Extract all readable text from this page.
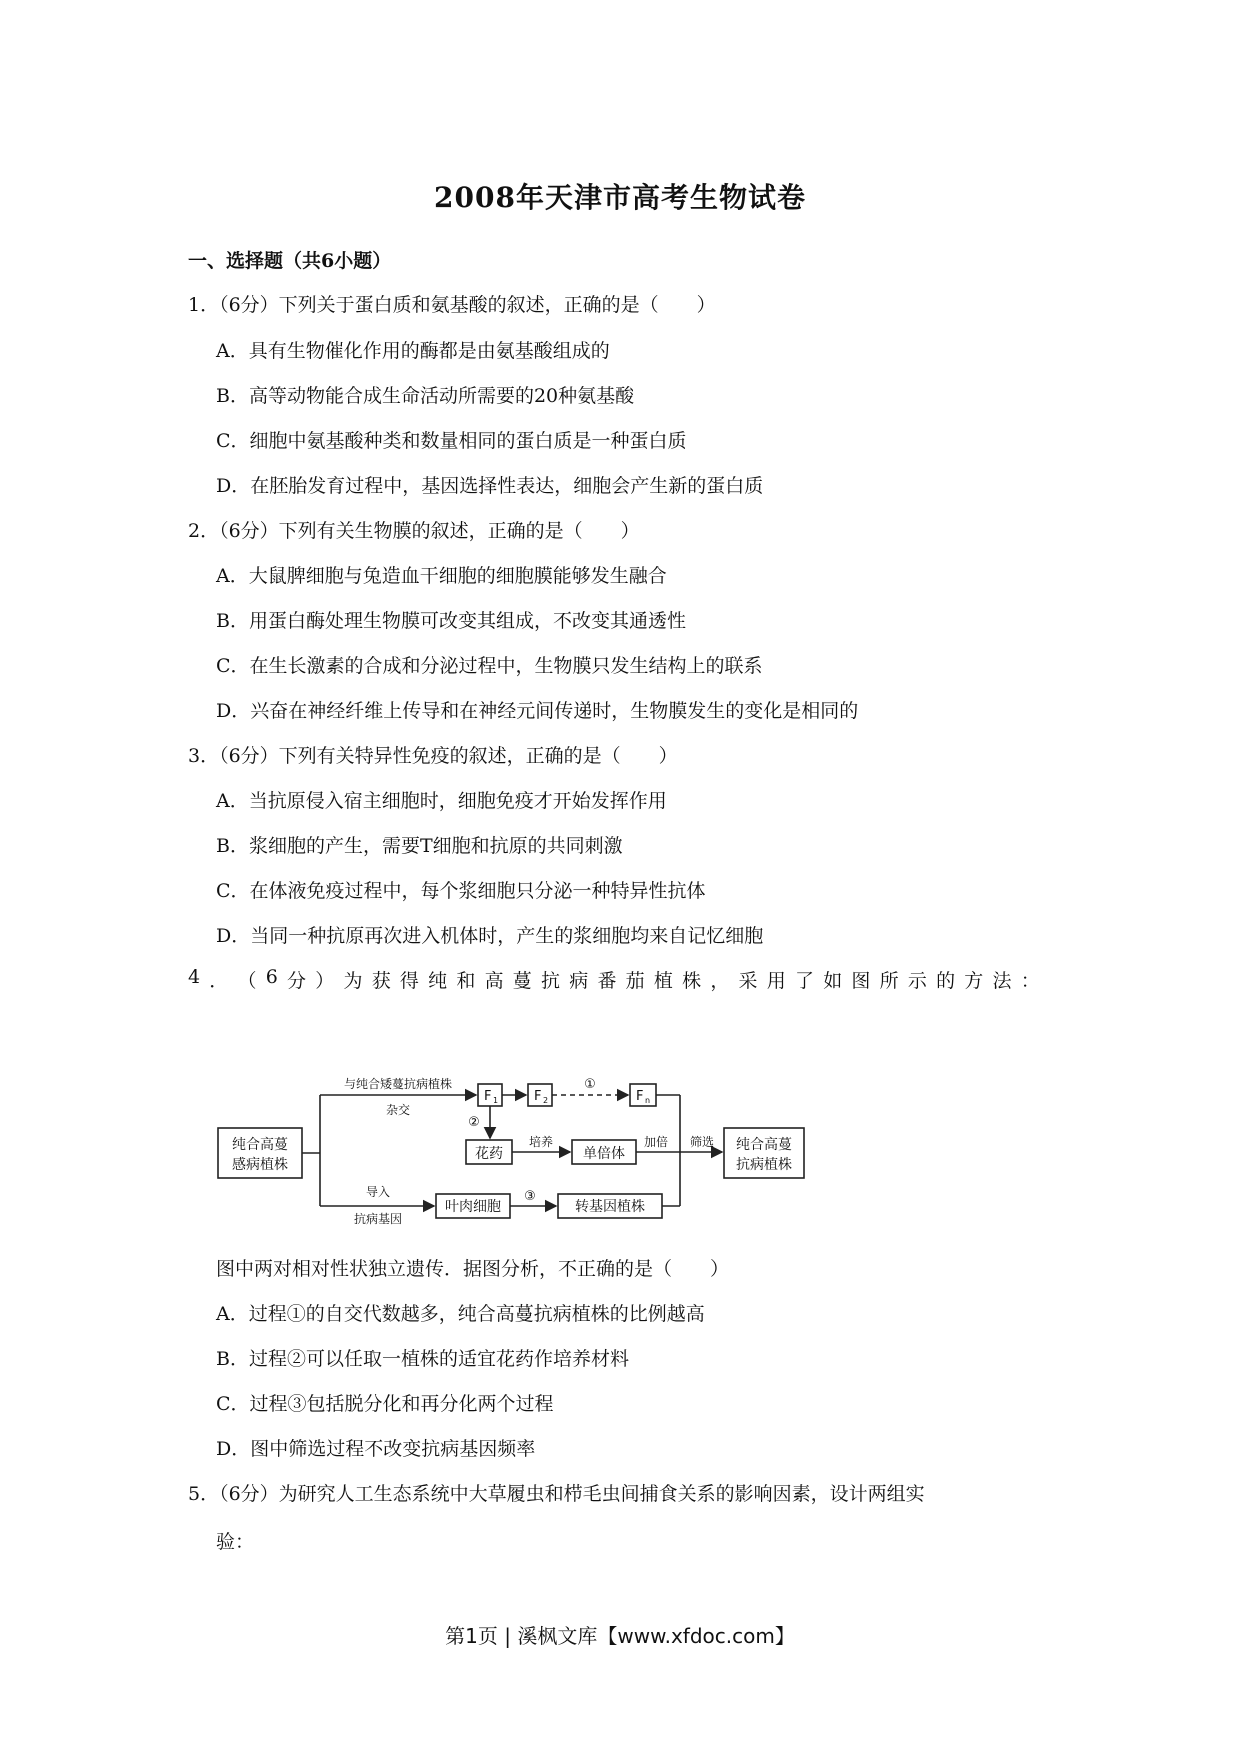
2008年天津市高考生物试卷
一、选择题（共6小题）
1．（6分）下列关于蛋白质和氨基酸的叙述，正确的是（　　）
A．具有生物催化作用的酶都是由氨基酸组成的
B．高等动物能合成生命活动所需要的20种氨基酸
C．细胞中氨基酸种类和数量相同的蛋白质是一种蛋白质
D．在胚胎发育过程中，基因选择性表达，细胞会产生新的蛋白质
2．（6分）下列有关生物膜的叙述，正确的是（　　）
A．大鼠脾细胞与兔造血干细胞的细胞膜能够发生融合
B．用蛋白酶处理生物膜可改变其组成，不改变其通透性
C．在生长激素的合成和分泌过程中，生物膜只发生结构上的联系
D．兴奋在神经纤维上传导和在神经元间传递时，生物膜发生的变化是相同的
3．（6分）下列有关特异性免疫的叙述，正确的是（　　）
A．当抗原侵入宿主细胞时，细胞免疫才开始发挥作用
B．浆细胞的产生，需要T细胞和抗原的共同刺激
C．在体液免疫过程中，每个浆细胞只分泌一种特异性抗体
D．当同一种抗原再次进入机体时，产生的浆细胞均来自记忆细胞
4 ． （ 6 分 ） 为 获 得 纯 和 高 蔓 抗 病 番 茄 植 株 ， 采 用 了 如 图 所 示 的 方 法 ：
纯合高蔓
感病植株
与纯合矮蔓抗病植株
杂交
F 1	F 2	F n
①
②
③
花药
培养
单倍体
加倍 筛选 纯合高蔓
抗病植株
导入
抗病基因
叶肉细胞	转基因植株
图中两对相对性状独立遗传．据图分析，不正确的是（　　）
A．过程①的自交代数越多，纯合高蔓抗病植株的比例越高
B．过程②可以任取一植株的适宜花药作培养材料
C．过程③包括脱分化和再分化两个过程
D．图中筛选过程不改变抗病基因频率
5．（6分）为研究人工生态系统中大草履虫和栉毛虫间捕食关系的影响因素，设计两组实
验：
第1页 | 溪枫文库【www.xfdoc.com】
